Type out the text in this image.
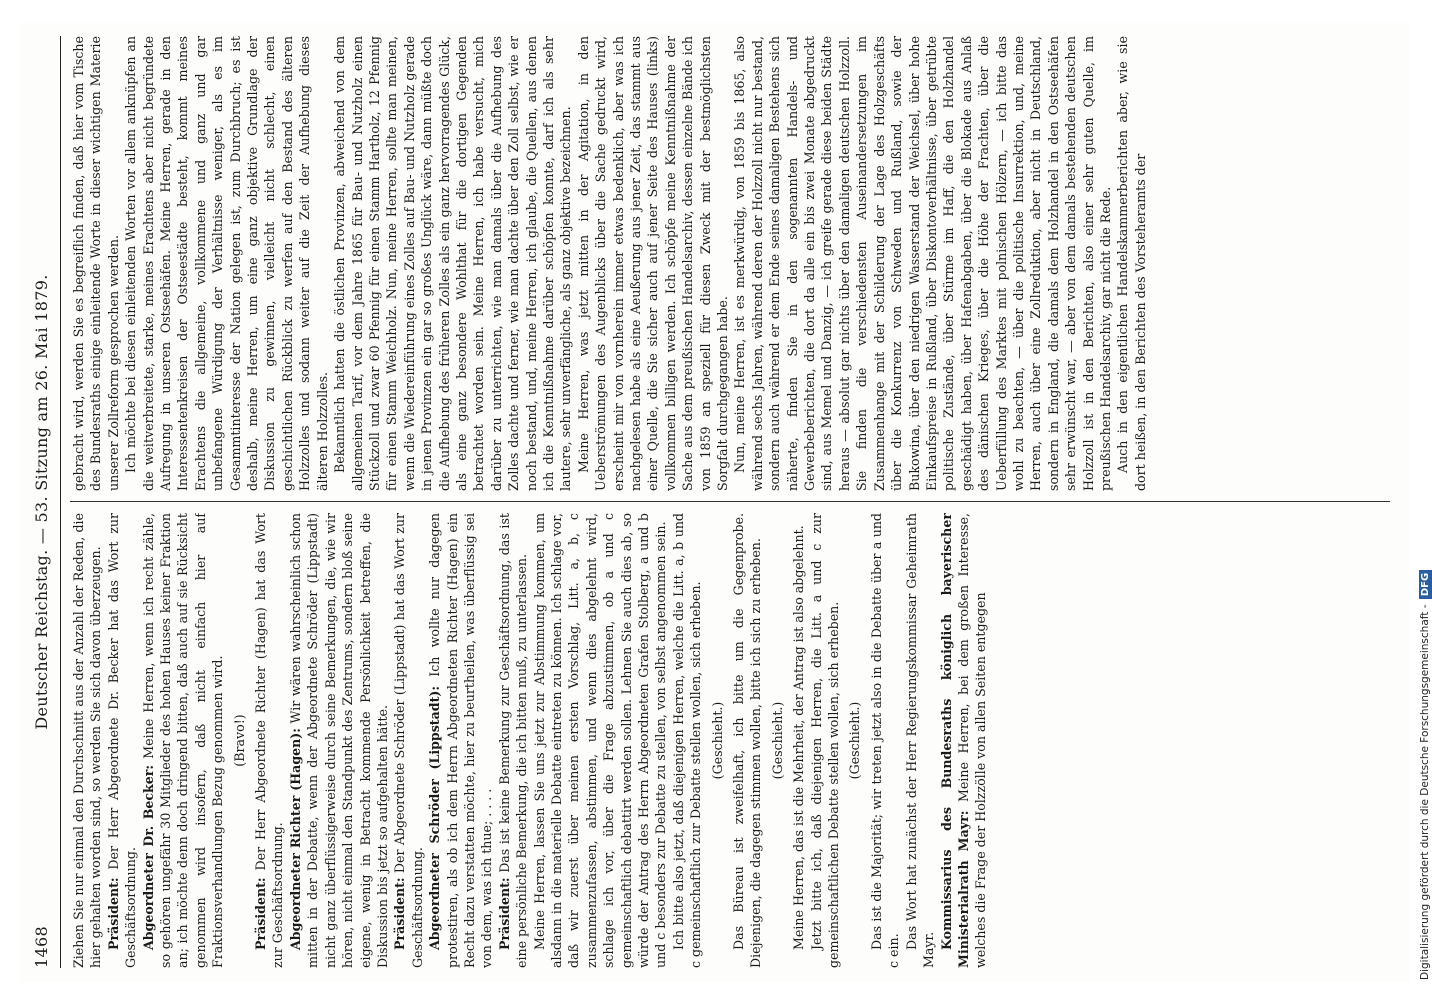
1468
Deutscher Reichstag. — 53. Sitzung am 26. Mai 1879.

Ziehen Sie nur einmal den Durchschnitt aus der Anzahl der Reden, die hier gehalten worden sind, so werden Sie sich davon überzeugen. Präsident: Der Herr Abgeordnete Dr. Becker hat das Wort zur Geschäftsordnung. Abgeordneter Dr. Becker: Meine Herren, wenn ich recht zähle, so gehören ungefähr 30 Mitglieder des hohen Hauses keiner Fraktion an; ich möchte denn doch dringend bitten, daß auch auf sie Rücksicht genommen wird insofern, daß nicht einfach hier auf Fraktionsverhandlungen Bezug genommen wird. (Bravo!)

Präsident: Der Herr Abgeordnete Richter (Hagen) hat das Wort zur Geschäftsordnung. Abgeordneter Richter (Hagen): Wir wären wahrscheinlich schon mitten in der Debatte, wenn der Abgeordnete Schröder (Lippstadt) nicht ganz überflüssigerweise durch seine Bemerkungen, die, wie wir hören, nicht einmal den Standpunkt des Zentrums, sondern bloß seine eigene, wenig in Betracht kommende Persönlichkeit betreffen, die Diskussion bis jetzt so aufgehalten hätte. Präsident: Der Abgeordnete Schröder (Lippstadt) hat das Wort zur Geschäftsordnung. Abgeordneter Schröder (Lippstadt): Ich wollte nur dagegen protestiren, als ob ich dem Herrn Abgeordneten Richter (Hagen) ein Recht dazu verstatten möchte, hier zu beurtheilen, was überflüssig sei von dem, was ich thue; . . . . Präsident: Das ist keine Bemerkung zur Geschäftsordnung, das ist eine persönliche Bemerkung, die ich bitten muß, zu unterlassen. Meine Herren, lassen Sie uns jetzt zur Abstimmung kommen, um alsdann in die materielle Debatte eintreten zu können. Ich schlage vor, daß wir zuerst über meinen ersten Vorschlag, Litt. a, b, c zusammenzufassen, abstimmen, und wenn dies abgelehnt wird, schlage ich vor, über die Frage abzustimmen, ob a und c gemeinschaftlich debattirt werden sollen. Lehnen Sie auch dies ab, so würde der Antrag des Herrn Abgeordneten Grafen Stolberg, a und b und c besonders zur Debatte zu stellen, von selbst angenommen sein. Ich bitte also jetzt, daß diejenigen Herren, welche die Litt. a, b und c gemeinschaftlich zur Debatte stellen wollen, sich erheben. (Geschieht.) Das Büreau ist zweifelhaft, ich bitte um die Gegenprobe. Diejenigen, die dagegen stimmen wollen, bitte ich sich zu erheben. (Geschieht.) Meine Herren, das ist die Mehrheit, der Antrag ist also abgelehnt. Jetzt bitte ich, daß diejenigen Herren, die Litt. a und c zur gemeinschaftlichen Debatte stellen wollen, sich erheben. (Geschieht.) Das ist die Majorität; wir treten jetzt also in die Debatte über a und c ein.

Das Wort hat zunächst der Herr Regierungskommissar Geheimrath Mayr. Kommissarius des Bundesraths königlich bayerischer Ministerialrath Mayr: Meine Herren, bei dem großen Interesse, welches die Frage der Holzzölle von allen Seiten entgegen

gebracht wird, werden Sie es begreiflich finden, daß hier vom Tische des Bundesraths einige einleitende Worte in dieser wichtigen Materie unserer Zollreform gesprochen werden. Ich möchte bei diesen einleitenden Worten vor allem anknüpfen an die weitverbreitete, starke, meines Erachtens aber nicht begründete Aufregung in unseren Ostseehäfen. Meine Herren, gerade in den Interessentenkreisen der Ostseestädte besteht, kommt meines Erachtens die allgemeine, vollkommene und ganz und gar unbefangene Würdigung der Verhältnisse weniger, als es im Gesammtinteresse der Nation gelegen ist, zum Durchbruch; es ist deshalb, meine Herren, um eine ganz objektive Grundlage der Diskussion zu gewinnen, vielleicht nicht schlecht, einen geschichtlichen Rückblick zu werfen auf den Bestand des älteren Holzzolles und sodann weiter auf die Zeit der Aufhebung dieses älteren Holzzolles. Bekanntlich hatten die östlichen Provinzen, abweichend von dem allgemeinen Tarif, vor dem Jahre 1865 für Bau- und Nutzholz einen Stückzoll und zwar 60 Pfennig für einen Stamm Hartholz, 12 Pfennig für einen Stamm Weichholz. Nun, meine Herren, sollte man meinen, wenn die Wiedereinführung eines Zolles auf Bau- und Nutzholz gerade in jenen Provinzen ein gar so großes Unglück wäre, dann müßte doch die Aufhebung des früheren Zolles als ein ganz hervorragendes Glück, als eine ganz besondere Wohlthat für die dortigen Gegenden betrachtet worden sein. Meine Herren, ich habe versucht, mich darüber zu unterrichten, wie man damals über die Aufhebung des Zolles dachte und ferner, wie man dachte über den Zoll selbst, wie er noch bestand, und, meine Herren, ich glaube, die Quellen, aus denen ich die Kenntnißnahme darüber schöpfen konnte, darf ich als sehr lautere, sehr unverfängliche, als ganz objektive bezeichnen. Meine Herren, was jetzt mitten in der Agitation, in den Ueberströmungen des Augenblicks über die Sache gedruckt wird, erscheint mir von vornherein immer etwas bedenklich, aber was ich nachgelesen habe als eine Aeußerung aus jener Zeit, das stammt aus einer Quelle, die Sie sicher auch auf jener Seite des Hauses (links) vollkommen billigen werden. Ich schöpfe meine Kenntnißnahme der Sache aus dem preußischen Handelsarchiv, dessen einzelne Bände ich von 1859 an speziell für diesen Zweck mit der bestmöglichsten Sorgfalt durchgegangen habe. Nun, meine Herren, ist es merkwürdig, von 1859 bis 1865, also während sechs Jahren, während deren der Holzzoll nicht nur bestand, sondern auch während er dem Ende seines damaligen Bestehens sich näherte, finden Sie in den sogenannten Handels- und Gewerbeberichten, die dort da alle ein bis zwei Monate abgedruckt sind, aus Memel und Danzig, — ich greife gerade diese beiden Städte heraus — absolut gar nichts über den damaligen deutschen Holzzoll. Sie finden die verschiedensten Auseinandersetzungen im Zusammenhange mit der Schilderung der Lage des Holzgeschäfts über die Konkurrenz von Schweden und Rußland, sowie der Bukowina, über den niedrigen Wasserstand der Weichsel, über hohe Einkaufspreise in Rußland, über Diskontoverhältnisse, über getrübte politische Zustände, über Stürme im Haff, die den Holzhandel geschädigt haben, über Hafenabgaben, über die Blokade aus Anlaß des dänischen Krieges, über die Höhe der Frachten, über die Ueberfüllung des Marktes mit polnischen Hölzern, — ich bitte das wohl zu beachten, — über die politische Insurrektion, und, meine Herren, auch über eine Zollreduktion, aber nicht in Deutschland, sondern in England, die damals dem Holzhandel in den Ostseehäfen sehr erwünscht war, — aber von dem damals bestehenden deutschen Holzzoll ist in den Berichten, also einer sehr guten Quelle, im preußischen Handelsarchiv, gar nicht die Rede. Auch in den eigentlichen Handelskammerberichten aber, wie sie dort heißen, in den Berichten des Vorsteheramts der

Digitalisierung gefördert durch die Deutsche Forschungsgemeinschaft - DFG
